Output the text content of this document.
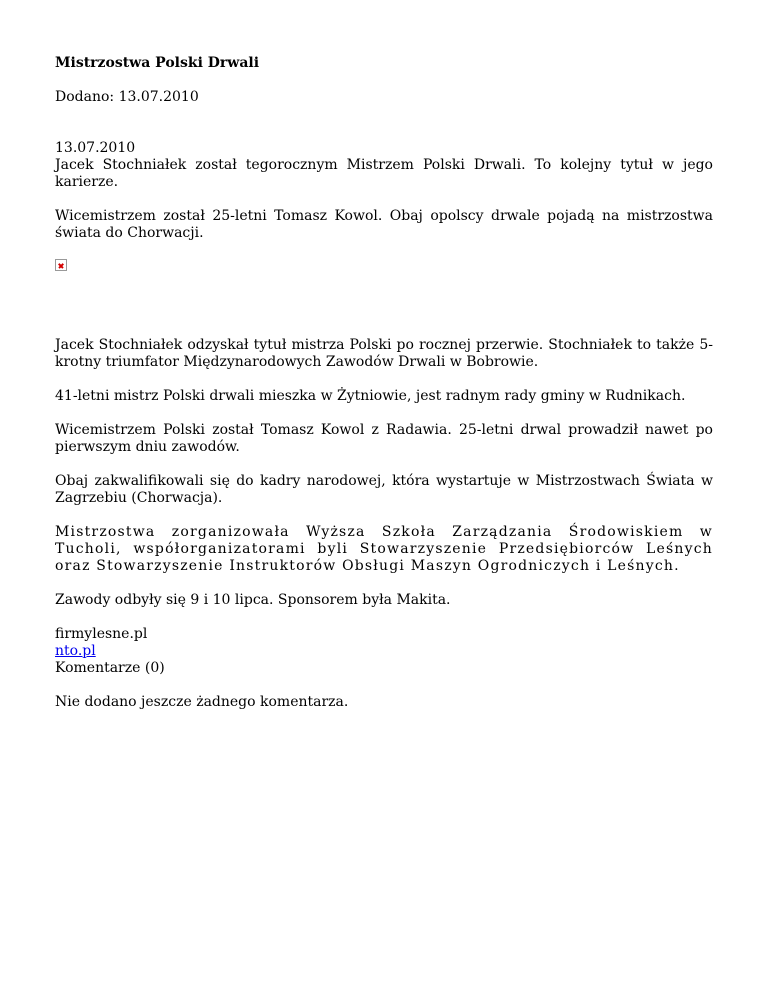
Mistrzostwa Polski Drwali

Dodano: 13.07.2010

13.07.2010
Jacek Stochniałek został tegorocznym Mistrzem Polski Drwali. To kolejny tytuł w jego karierze.

Wicemistrzem został 25-letni Tomasz Kowol. Obaj opolscy drwale pojadą na mistrzostwa świata do Chorwacji.

Jacek Stochniałek odzyskał tytuł mistrza Polski po rocznej przerwie. Stochniałek to także 5-krotny triumfator Międzynarodowych Zawodów Drwali w Bobrowie.

41-letni mistrz Polski drwali mieszka w Żytniowie, jest radnym rady gminy w Rudnikach.

Wicemistrzem Polski został Tomasz Kowol z Radawia. 25-letni drwal prowadził nawet po pierwszym dniu zawodów.

Obaj zakwalifikowali się do kadry narodowej, która wystartuje w Mistrzostwach Świata w Zagrzebiu (Chorwacja).

Mistrzostwa zorganizowała Wyższa Szkoła Zarządzania Środowiskiem w Tucholi, współorganizatorami byli Stowarzyszenie Przedsiębiorców Leśnych oraz Stowarzyszenie Instruktorów Obsługi Maszyn Ogrodniczych i Leśnych.

Zawody odbyły się 9 i 10 lipca. Sponsorem była Makita.

firmylesne.pl
nto.pl
Komentarze (0)

Nie dodano jeszcze żadnego komentarza.
